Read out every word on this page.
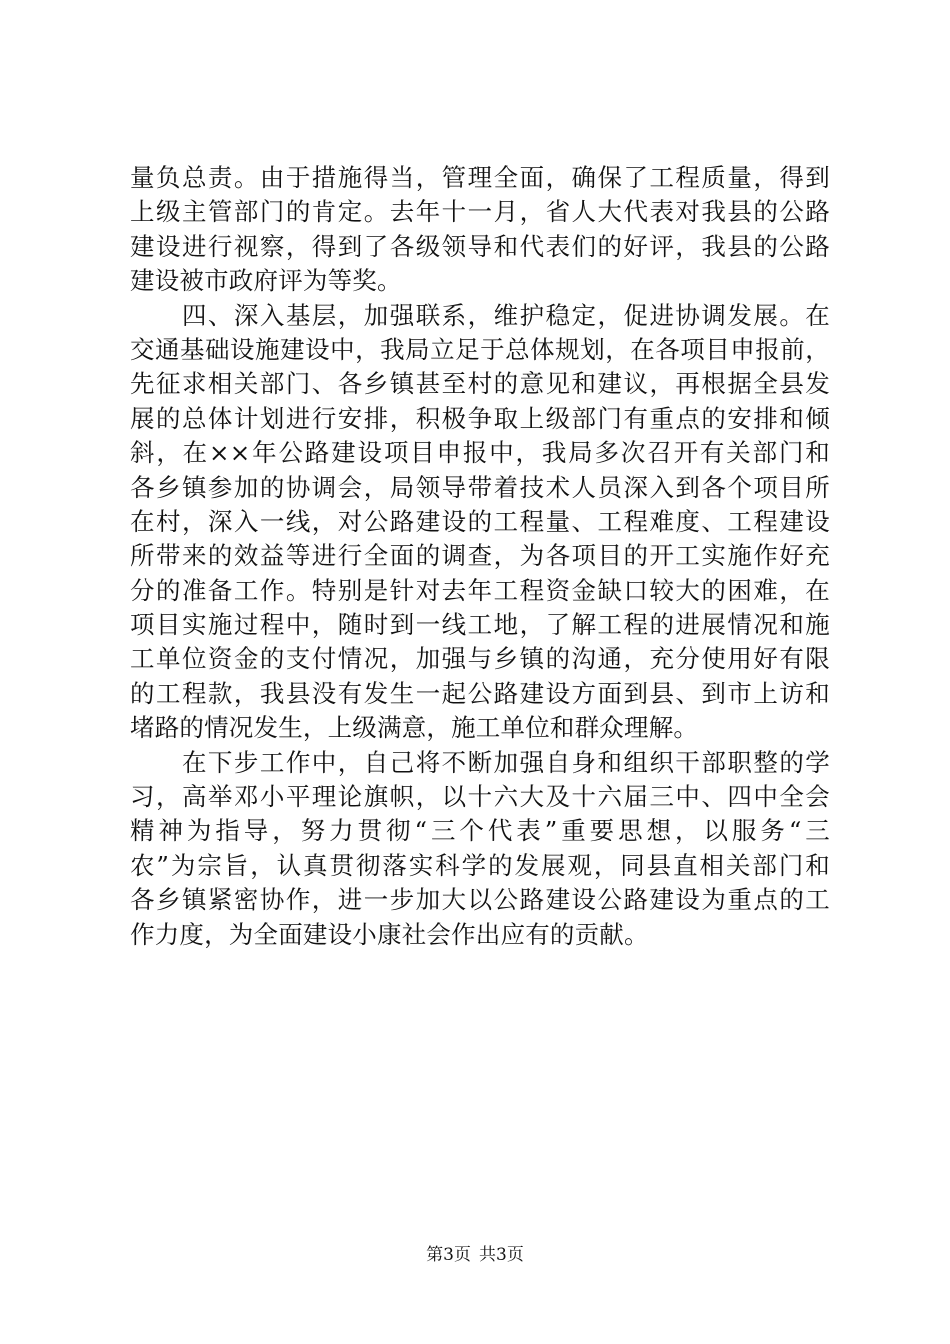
量负总责。由于措施得当，管理全面，确保了工程质量，得到
上级主管部门的肯定。去年十一月，省人大代表对我县的公路
建设进行视察，得到了各级领导和代表们的好评，我县的公路
建设被市政府评为等奖。
　　四、深入基层，加强联系，维护稳定，促进协调发展。在
交通基础设施建设中，我局立足于总体规划，在各项目申报前，
先征求相关部门、各乡镇甚至村的意见和建议，再根据全县发
展的总体计划进行安排，积极争取上级部门有重点的安排和倾
斜，在××年公路建设项目申报中，我局多次召开有关部门和
各乡镇参加的协调会，局领导带着技术人员深入到各个项目所
在村，深入一线，对公路建设的工程量、工程难度、工程建设
所带来的效益等进行全面的调查，为各项目的开工实施作好充
分的准备工作。特别是针对去年工程资金缺口较大的困难，在
项目实施过程中，随时到一线工地，了解工程的进展情况和施
工单位资金的支付情况，加强与乡镇的沟通，充分使用好有限
的工程款，我县没有发生一起公路建设方面到县、到市上访和
堵路的情况发生，上级满意，施工单位和群众理解。
　　在下步工作中，自己将不断加强自身和组织干部职整的学
习，高举邓小平理论旗帜，以十六大及十六届三中、四中全会
精神为指导，努力贯彻“三个代表”重要思想，以服务“三
农”为宗旨，认真贯彻落实科学的发展观，同县直相关部门和
各乡镇紧密协作，进一步加大以公路建设公路建设为重点的工
作力度，为全面建设小康社会作出应有的贡献。
第3页 共3页
